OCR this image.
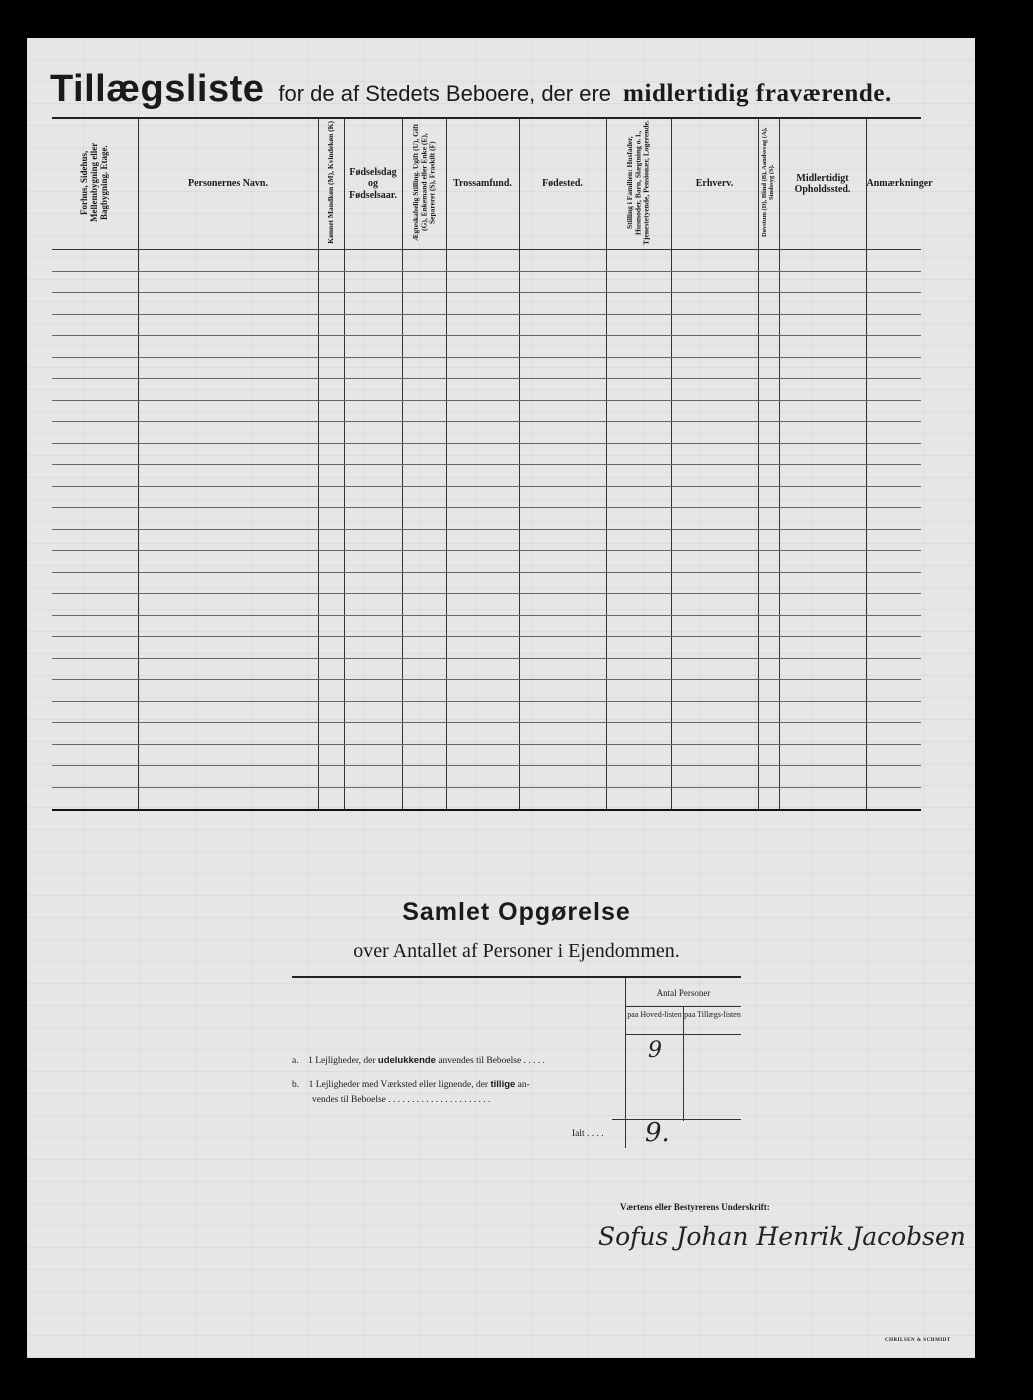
Tillægsliste for de af Stedets Beboere, der ere midlertidig fraværende.
Forhus, Sidehus, Mellembygning eller Bagbygning. Etage.	Personernes Navn.	Kønnet Mandkøn (M), Kvindekøn (K)	Fødselsdag og Fødselsaar.	Ægteskabelig Stilling. Ugift (U), Gift (G), Enkemand eller Enke (E), Separeret (S), Fraskilt (F)	Trossamfund.	Fødested.	Stilling i Familien: Husfader, Husmoder, Barn, Slægtning o. l., Tjenestetyende, Pensionær, Logerende.	Erhverv.	Døvstum (D), Blind (B), Aandssvag (A), Sindssyg (S).	Midlertidigt Opholdssted.	Anmærkninger

Samlet Opgørelse
over Antallet af Personer i Ejendommen.
Antal Personer
paa Hoved-listen paa Tillægs-listen
a. 1 Lejligheder, der udelukkende anvendes til Beboelse . . . . .	9
b. 1 Lejligheder med Værksted eller lignende, der tillige an-
vendes til Beboelse . . . . . . . . . . . . . . . . . . . . . .
Ialt . . . . 9.
Værtens eller Bestyrerens Underskrift:
Sofus Johan Henrik Jacobsen
CHRILSEN & SCHMIDT
